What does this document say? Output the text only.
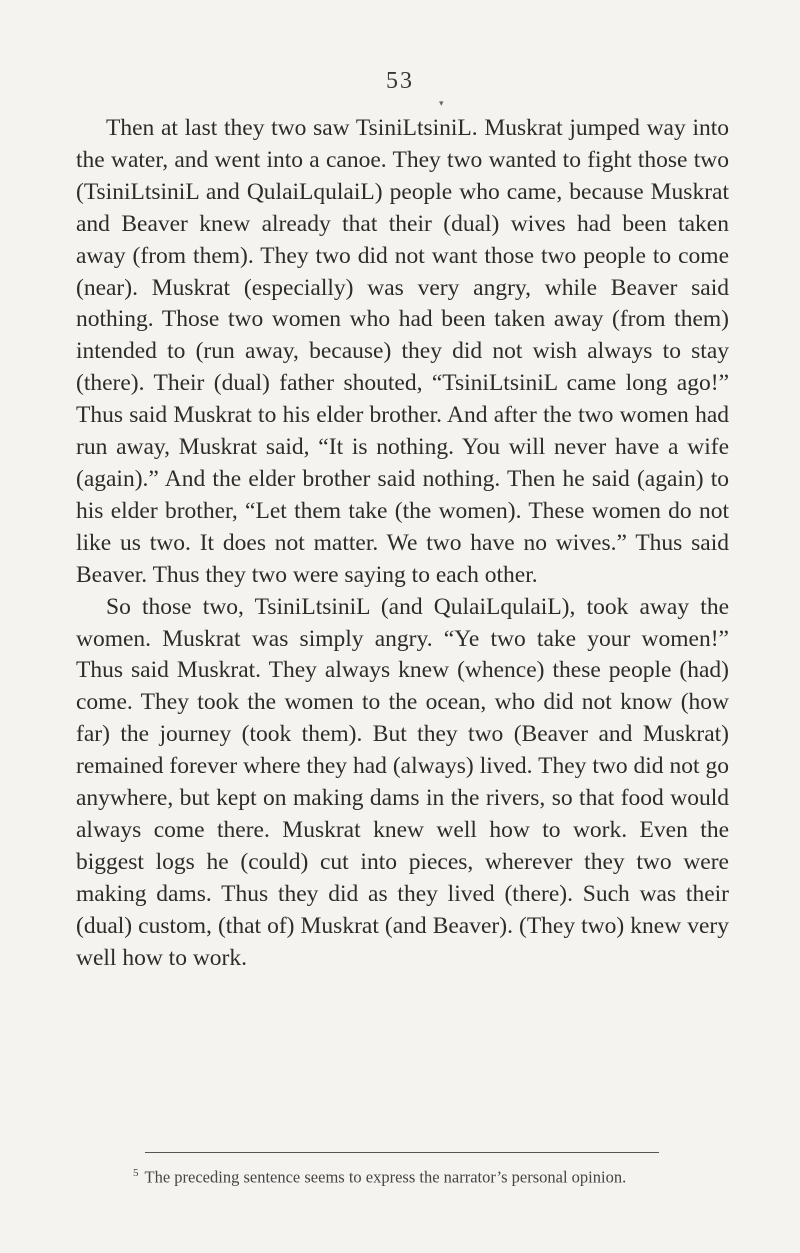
53
▾

Then at last they two saw TsiniLtsiniL. Muskrat jumped way into the water, and went into a canoe. They two wanted to fight those two (TsiniLtsiniL and QulaiLqulaiL) people who came, because Muskrat and Beaver knew already that their (dual) wives had been taken away (from them). They two did not want those two people to come (near). Muskrat (especially) was very angry, while Beaver said nothing. Those two women who had been taken away (from them) intended to (run away, because) they did not wish always to stay (there). Their (dual) father shouted, “TsiniLtsiniL came long ago!” Thus said Muskrat to his elder brother. And after the two women had run away, Muskrat said, “It is nothing. You will never have a wife (again).” And the elder brother said nothing. Then he said (again) to his elder brother, “Let them take (the women). These women do not like us two. It does not matter. We two have no wives.” Thus said Beaver. Thus they two were saying to each other.

So those two, TsiniLtsiniL (and QulaiLqulaiL), took away the women. Muskrat was simply angry. “Ye two take your women!” Thus said Muskrat. They always knew (whence) these people (had) come. They took the women to the ocean, who did not know (how far) the journey (took them). But they two (Beaver and Muskrat) remained forever where they had (always) lived. They two did not go anywhere, but kept on making dams in the rivers, so that food would always come there. Muskrat knew well how to work. Even the biggest logs he (could) cut into pieces, wherever they two were making dams. Thus they did as they lived (there). Such was their (dual) custom, (that of) Muskrat (and Beaver). (They two) knew very well how to work.

$^5$ The preceding sentence seems to express the narrator’s personal opinion.
